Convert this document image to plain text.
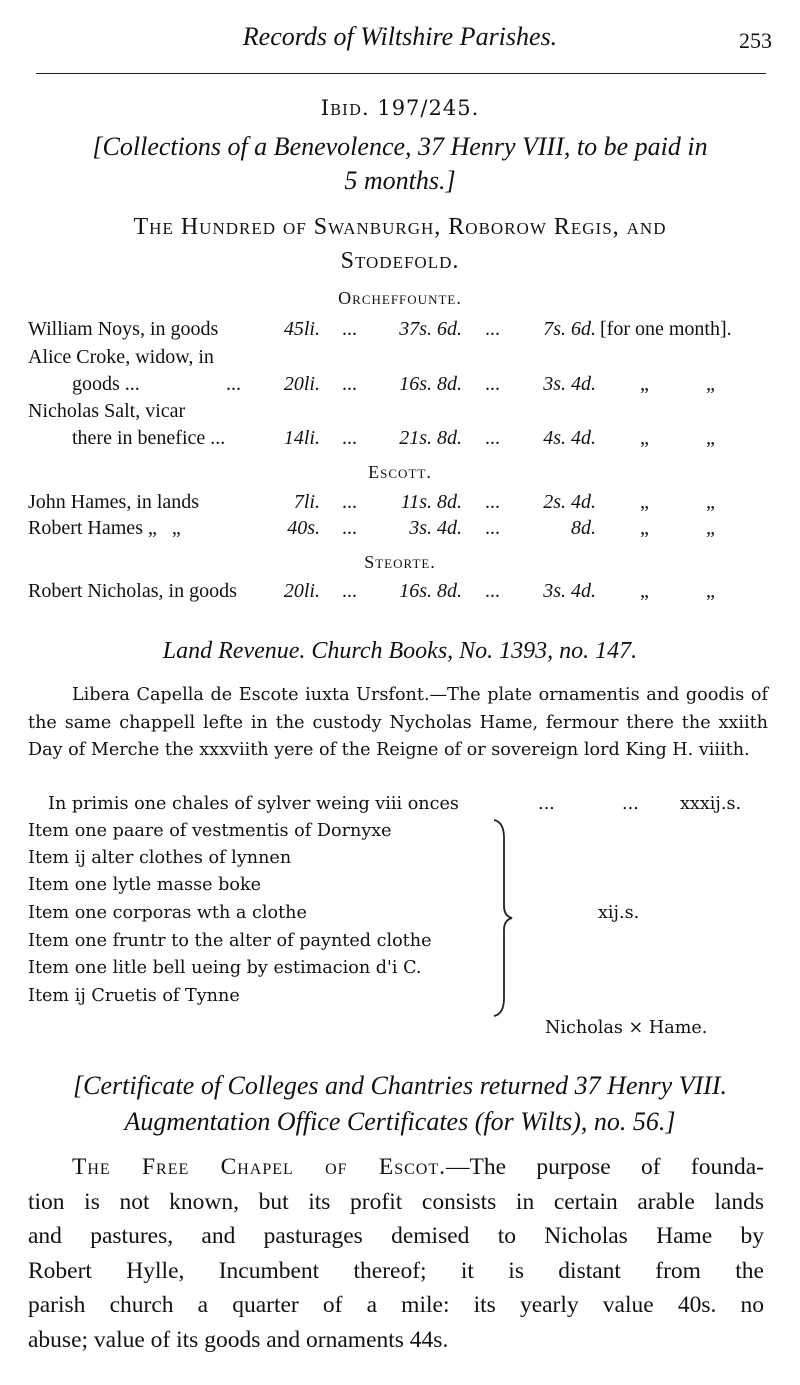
Records of Wiltshire Parishes.	253
Ibid. 197/245.
[Collections of a Benevolence, 37 Henry VIII, to be paid in
5 months.]
The Hundred of Swanburgh, Roborow Regis, and
Stodefold.
Orcheffounte.
Escott.
Steorte.
William Noys, in goods	45li. ...	37s. 6d. ...	7s. 6d. [for one month].
Alice Croke, widow, in
goods ...	...	20li. ...	16s. 8d. ...	3s. 4d. „	„
Nicholas Salt, vicar
there in benefice ...	14li. ...	21s. 8d. ...	4s. 4d. „	„
John Hames, in lands	7li. ...	11s. 8d. ...	2s. 4d. „	„
Robert Hames „   „	40s. ...	3s. 4d. ...	8d. „	„
Robert Nicholas, in goods	20li. ...	16s. 8d. ...	3s. 4d. „	„
Land Revenue. Church Books, No. 1393, no. 147.
Libera Capella de Escote iuxta Ursfont.—The plate ornamentis and goodis of the same chappell lefte in the custody Nycholas Hame, fermour there the xxiith Day of Merche the xxxviith yere of the Reigne of or sovereign lord King H. viiith.
In primis one chales of sylver weing viii onces	...	... xxxij.s.
Item one paare of vestmentis of Dornyxe
Item ij alter clothes of lynnen
Item one lytle masse boke
Item one corporas wth a clothe
Item one fruntr to the alter of paynted clothe
Item one litle bell ueing by estimacion d'i C.
Item ij Cruetis of Tynne
xij.s.
Nicholas × Hame.
[Certificate of Colleges and Chantries returned 37 Henry VIII.
Augmentation Office Certificates (for Wilts), no. 56.]
The Free Chapel of Escot.—The purpose of founda-
tion is not known, but its profit consists in certain arable lands
and pastures, and pasturages demised to Nicholas Hame by
Robert Hylle, Incumbent thereof; it is distant from the
parish church a quarter of a mile: its yearly value 40s. no
abuse; value of its goods and ornaments 44s.
